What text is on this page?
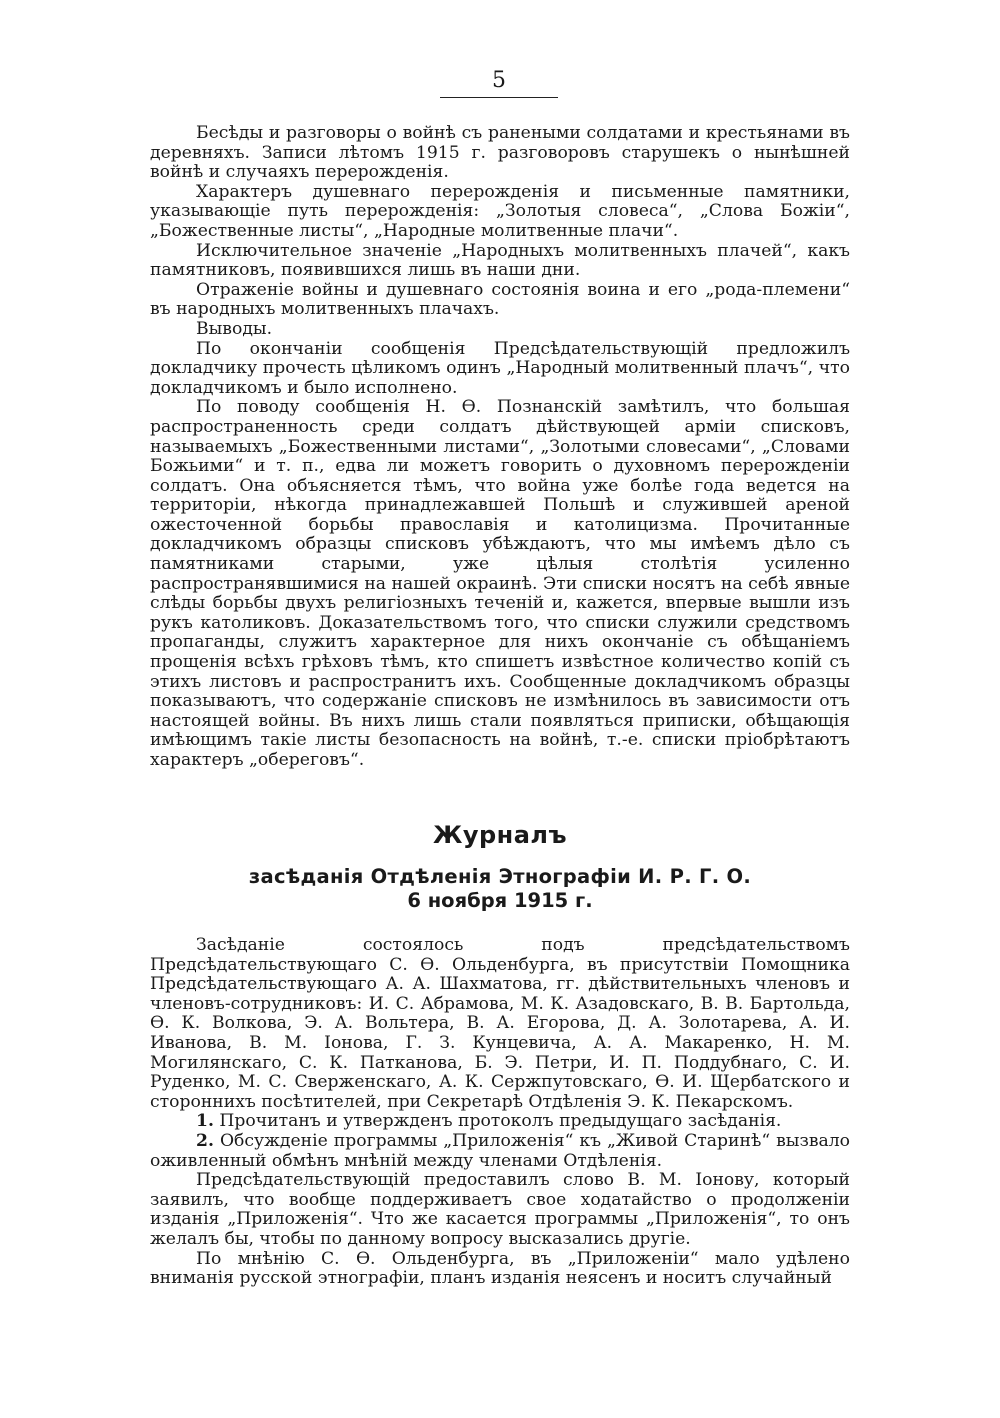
5

Бесѣды и разговоры о войнѣ съ ранеными солдатами и крестьянами въ деревняхъ. Записи лѣтомъ 1915 г. разговоровъ старушекъ о нынѣшней войнѣ и случаяхъ перерожденія.

Характеръ душевнаго перерожденія и письменные памятники, указывающіе путь перерожденія: „Золотыя словеса“, „Слова Божіи“, „Божественные листы“, „Народные молитвенные плачи“.

Исключительное значеніе „Народныхъ молитвенныхъ плачей“, какъ памятниковъ, появившихся лишь въ наши дни.

Отраженіе войны и душевнаго состоянія воина и его „рода-племени“ въ народныхъ молитвенныхъ плачахъ.

Выводы.

По окончаніи сообщенія Предсѣдательствующій предложилъ докладчику прочесть цѣликомъ одинъ „Народный молитвенный плачъ“, что докладчикомъ и было исполнено.

По поводу сообщенія Н. Ѳ. Познанскій замѣтилъ, что большая распространенность среди солдатъ дѣйствующей арміи списковъ, называемыхъ „Божественными листами“, „Золотыми словесами“, „Словами Божьими“ и т. п., едва ли можетъ говорить о духовномъ перерожденіи солдатъ. Она объясняется тѣмъ, что война уже болѣе года ведется на территоріи, нѣкогда принадлежавшей Польшѣ и служившей ареной ожесточенной борьбы православія и католицизма. Прочитанные докладчикомъ образцы списковъ убѣждаютъ, что мы имѣемъ дѣло съ памятниками старыми, уже цѣлыя столѣтія усиленно распространявшимися на нашей окраинѣ. Эти списки носятъ на себѣ явные слѣды борьбы двухъ религіозныхъ теченій и, кажется, впервые вышли изъ рукъ католиковъ. Доказательствомъ того, что списки служили средствомъ пропаганды, служитъ характерное для нихъ окончаніе съ обѣщаніемъ прощенія всѣхъ грѣховъ тѣмъ, кто спишетъ извѣстное количество копій съ этихъ листовъ и распространитъ ихъ. Сообщенные докладчикомъ образцы показываютъ, что содержаніе списковъ не измѣнилось въ зависимости отъ настоящей войны. Въ нихъ лишь стали появляться приписки, обѣщающія имѣющимъ такіе листы безопасность на войнѣ, т.-е. списки пріобрѣтаютъ характеръ „обереговъ“.

Журналъ
засѣданія Отдѣленія Этнографіи И. Р. Г. О.
6 ноября 1915 г.

Засѣданіе состоялось подъ предсѣдательствомъ Предсѣдательствующаго С. Ѳ. Ольденбурга, въ присутствіи Помощника Предсѣдательствующаго А. А. Шахматова, гг. дѣйствительныхъ членовъ и членовъ-сотрудниковъ: И. С. Абрамова, М. К. Азадовскаго, В. В. Бартольда, Ѳ. К. Волкова, Э. А. Вольтера, В. А. Егорова, Д. А. Золотарева, А. И. Иванова, В. М. Іонова, Г. З. Кунцевича, А. А. Макаренко, Н. М. Могилянскаго, С. К. Патканова, Б. Э. Петри, И. П. Поддубнаго, С. И. Руденко, М. С. Сверженскаго, А. К. Сержпутовскаго, Ѳ. И. Щербатского и стороннихъ посѣтителей, при Секретарѣ Отдѣленія Э. К. Пекарскомъ.

1. Прочитанъ и утвержденъ протоколъ предыдущаго засѣданія.

2. Обсужденіе программы „Приложенія“ къ „Живой Старинѣ“ вызвало оживленный обмѣнъ мнѣній между членами Отдѣленія.

Предсѣдательствующій предоставилъ слово В. М. Іонову, который заявилъ, что вообще поддерживаетъ свое ходатайство о продолженіи изданія „Приложенія“. Что же касается программы „Приложенія“, то онъ желалъ бы, чтобы по данному вопросу высказались другіе.

По мнѣнію С. Ѳ. Ольденбурга, въ „Приложеніи“ мало удѣлено вниманія русской этнографіи, планъ изданія неясенъ и носитъ случайный
